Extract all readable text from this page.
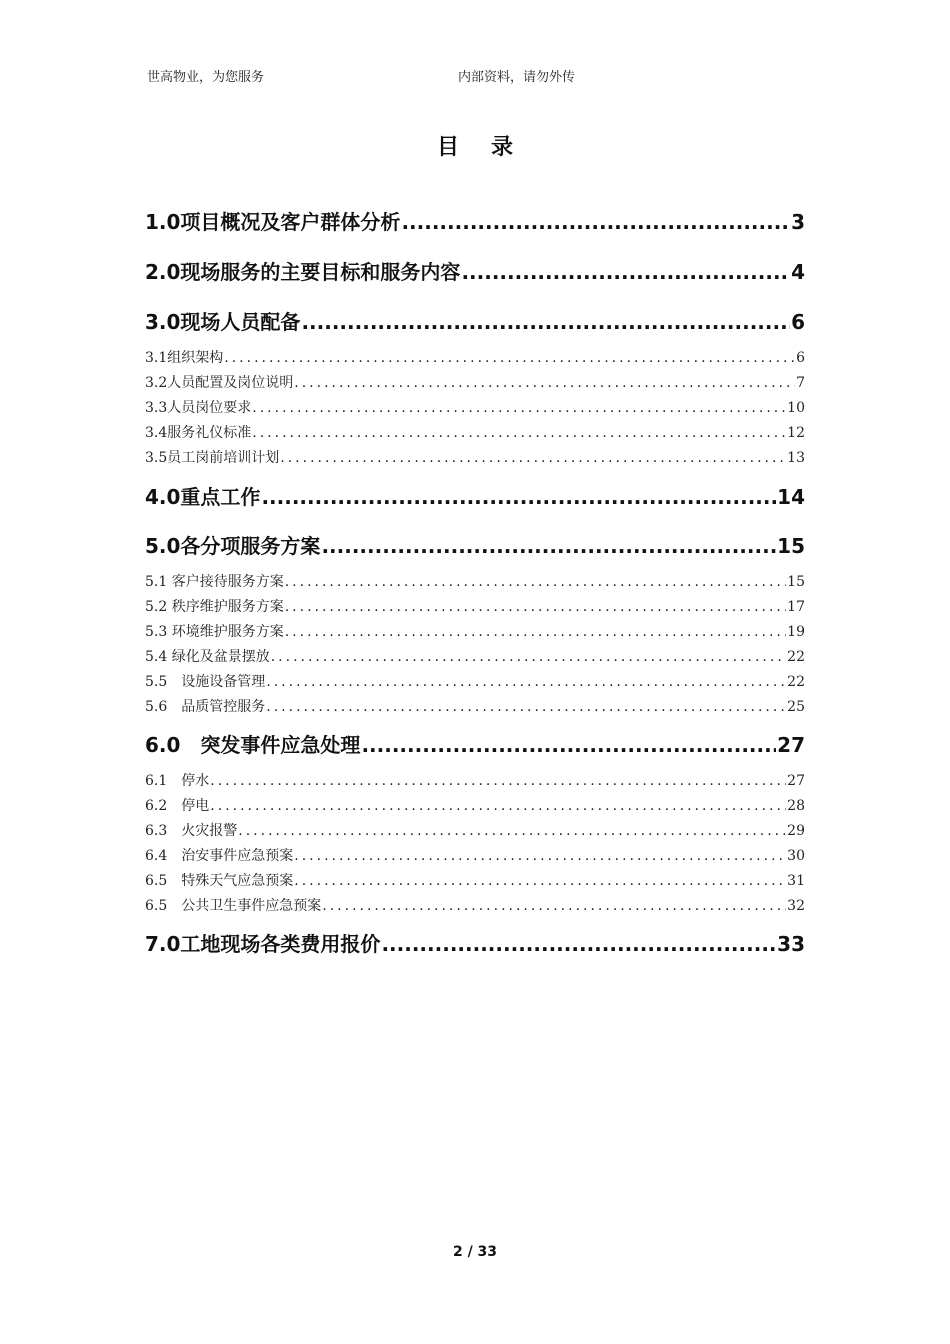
世高物业，为您服务	内部资料，请勿外传
目录
1.0项目概况及客户群体分析 .....	3
2.0现场服务的主要目标和服务内容 .....	4
3.0现场人员配备 .....	6
3.1组织架构 .....	6
3.2人员配置及岗位说明 .....	7
3.3人员岗位要求 .....	10
3.4服务礼仪标准 .....	12
3.5员工岗前培训计划 .....	13
4.0重点工作 .....	14
5.0各分项服务方案 .....	15
5.1 客户接待服务方案 .....	15
5.2 秩序维护服务方案 .....	17
5.3 环境维护服务方案 .....	19
5.4 绿化及盆景摆放 .....	22
5.5　设施设备管理 .....	22
5.6　品质管控服务 .....	25
6.0　突发事件应急处理 .....	27
6.1　停水 .....	27
6.2　停电 .....	28
6.3　火灾报警 .....	29
6.4　治安事件应急预案 .....	30
6.5　特殊天气应急预案 .....	31
6.5　公共卫生事件应急预案 .....	32
7.0工地现场各类费用报价 .....	33
2 / 33
